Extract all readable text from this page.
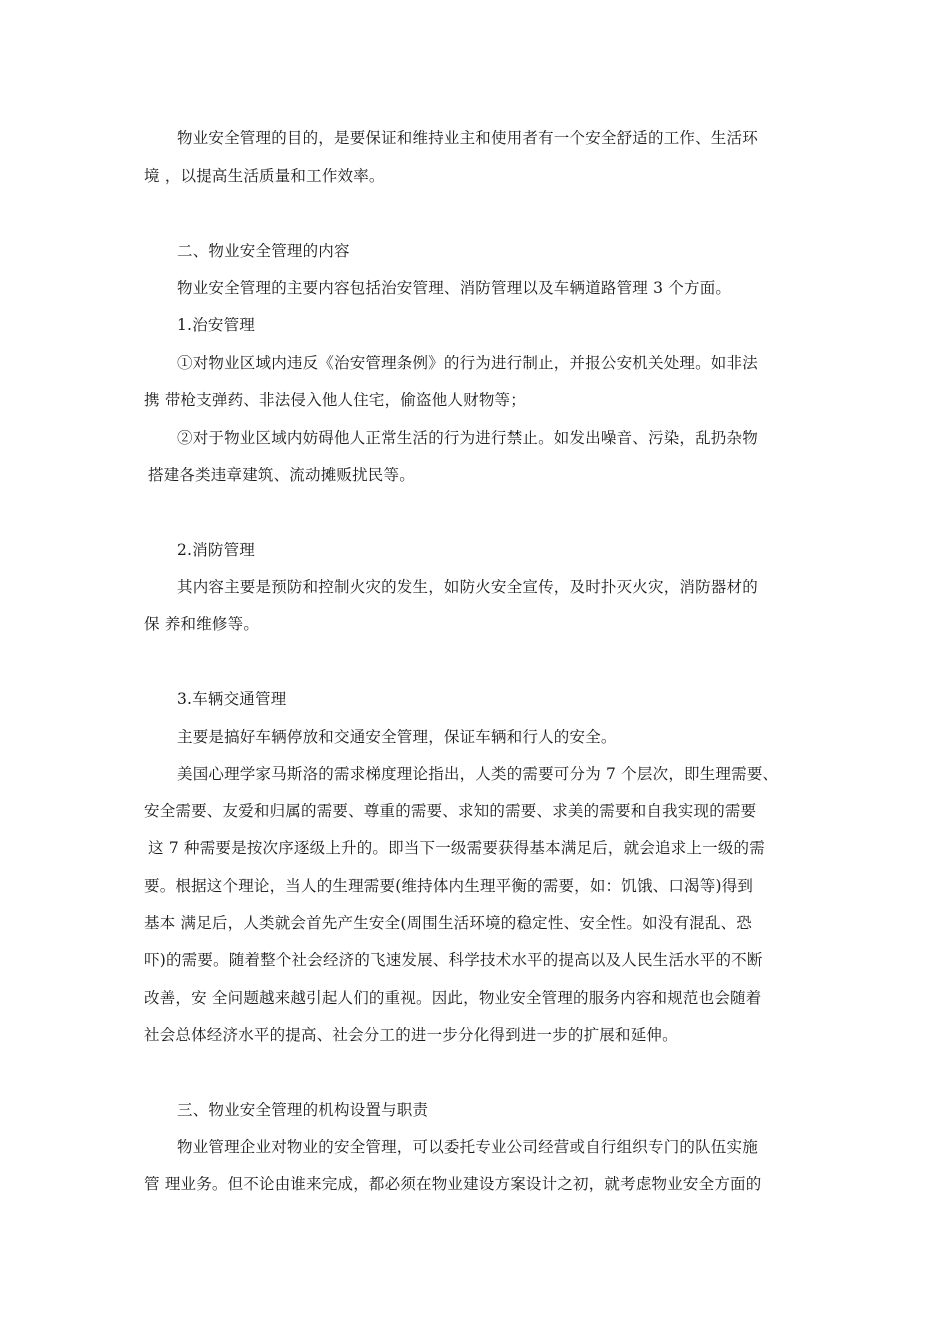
物业安全管理的目的，是要保证和维持业主和使用者有一个安全舒适的工作、生活环
境 ，以提高生活质量和工作效率。
二、物业安全管理的内容
物业安全管理的主要内容包括治安管理、消防管理以及车辆道路管理 3 个方面。
1.治安管理
①对物业区域内违反《治安管理条例》的行为进行制止，并报公安机关处理。如非法
携 带枪支弹药、非法侵入他人住宅，偷盗他人财物等；
②对于物业区域内妨碍他人正常生活的行为进行禁止。如发出噪音、污染，乱扔杂物
搭建各类违章建筑、流动摊贩扰民等。
2.消防管理
其内容主要是预防和控制火灾的发生，如防火安全宣传，及时扑灭火灾，消防器材的
保 养和维修等。
3.车辆交通管理
主要是搞好车辆停放和交通安全管理，保证车辆和行人的安全。
美国心理学家马斯洛的需求梯度理论指出，人类的需要可分为 7 个层次，即生理需要、
安全需要、友爱和归属的需要、尊重的需要、求知的需要、求美的需要和自我实现的需要
这 7 种需要是按次序逐级上升的。即当下一级需要获得基本满足后，就会追求上一级的需
要。根据这个理论，当人的生理需要(维持体内生理平衡的需要，如：饥饿、口渴等)得到
基本 满足后，人类就会首先产生安全(周围生活环境的稳定性、安全性。如没有混乱、恐
吓)的需要。随着整个社会经济的飞速发展、科学技术水平的提高以及人民生活水平的不断
改善，安 全问题越来越引起人们的重视。因此，物业安全管理的服务内容和规范也会随着
社会总体经济水平的提高、社会分工的进一步分化得到进一步的扩展和延伸。
三、物业安全管理的机构设置与职责
物业管理企业对物业的安全管理，可以委托专业公司经营或自行组织专门的队伍实施
管 理业务。但不论由谁来完成，都必须在物业建设方案设计之初，就考虑物业安全方面的
